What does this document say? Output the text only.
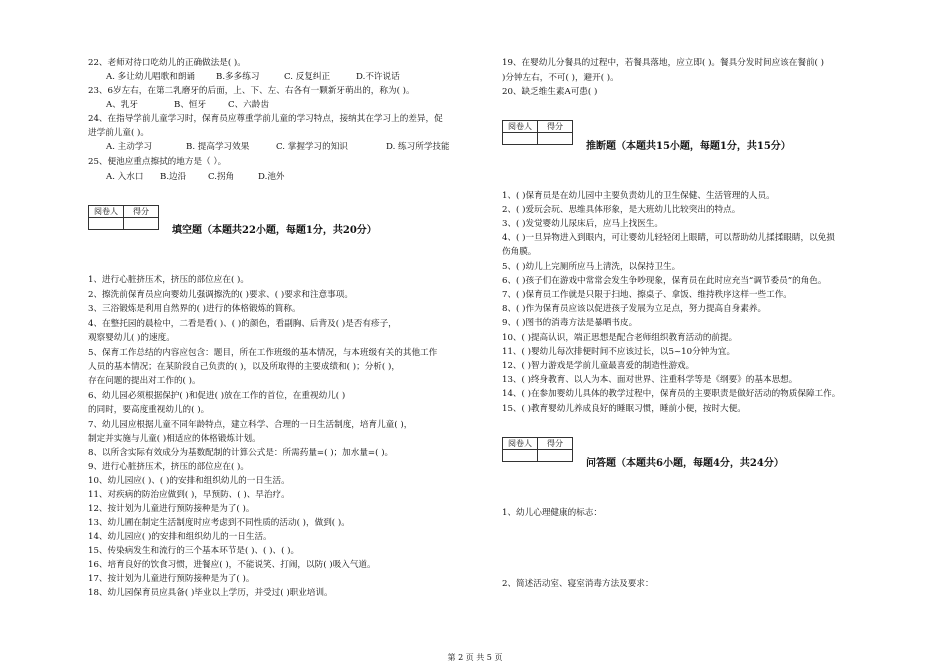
22、老师对待口吃幼儿的正确做法是( )。
A. 多让幼儿唱歌和朗诵 B.多多练习	C. 反复纠正	D.不许说话
23、6岁左右，在第二乳磨牙的后面，上、下、左、右各有一颗新牙萌出的，称为( )。
A、乳牙	B、恒牙	C、六龄齿
24、在指导学前儿童学习时，保育员应尊重学前儿童的学习特点，接纳其在学习上的差异，促
进学前儿童( )。
A. 主动学习	B. 提高学习效果	C. 掌握学习的知识	D. 练习所学技能
25、便池应重点擦拭的地方是（ ）。
A. 入水口 B.边沿	C.拐角	D.池外
阅卷人	得分

填空题（本题共22小题，每题1分，共20分）
1、进行心脏挤压术，挤压的部位应在( )。
2、擦洗前保育员应向婴幼儿强调擦洗的( )要求、( )要求和注意事项。
3、三浴锻炼是利用自然界的( )进行的体格锻炼的简称。
4、在整托园的晨检中，二看是看( )、( )的颜色，看副胸、后背及( )是否有疹子，
观察婴幼儿( )的速度。
5、保育工作总结的内容应包含：题目，所在工作班级的基本情况，与本班级有关的其他工作
人员的基本情况；在某阶段自己负责的( )，以及所取得的主要成绩和( )；分析( )，
存在问题的提出对工作的( )。
6、幼儿园必须根据保护( )和促进( )放在工作的首位，在重视幼儿( )
的同时，要高度重视幼儿的( )。
7、幼儿园应根据儿童不同年龄特点，建立科学、合理的一日生活制度，培育儿童( )，
制定并实施与儿童( )相适应的体格锻炼计划。
8、以所含实际有效成分为基数配制的计算公式是：所需药量=( )；加水量=( )。
9、进行心脏挤压术，挤压的部位应在( )。
10、幼儿园应( )、( )的安排和组织幼儿的一日生活。
11、对疾病的防治应做到( )，早预防、( )、早治疗。
12、按计划为儿童进行预防接种是为了( )。
13、幼儿圃在制定生活制度时应考虑到不同性质的活动( )，做到( )。
14、幼儿园应( )的安排和组织幼儿的一日生活。
15、传染病发生和流行的三个基本环节是( )、( )、( )。
16、培育良好的饮食习惯，进餐应( )，不能说笑、打闹，以防( )吸入气道。
17、按计划为儿童进行预防接种是为了( )。
18、幼儿园保育员应具备( )毕业以上学历，并受过( )职业培训。
19、在婴幼儿分餐具的过程中，若餐具落地，应立即( )。餐具分发时间应该在餐前( )
)分钟左右，不可( )，避开( )。
20、缺乏维生素A可患( )
阅卷人	得分

推断题（本题共15小题，每题1分，共15分）
1、( )保育员是在幼儿园中主要负责幼儿的卫生保健、生活管理的人员。
2、( )爱玩会玩、思维具体形象，是大班幼儿比较突出的特点。
3、( )发觉婴幼儿尿床后，应马上找医生。
4、( )一旦异物进入到眼内，可让婴幼儿轻轻闭上眼睛，可以帮助幼儿揉揉眼睛，以免损
伤角膜。
5、( )幼儿上完厕所应马上清洗，以保持卫生。
6、( )孩子们在游戏中常常会发生争吵现象，保育员在此时应充当“调节委员”的角色。
7、( )保育员工作就是只限于扫地、擦桌子、拿饭、维持秩序这样一些工作。
8、( )作为保育员应该以促进孩子发展为立足点，努力提高自身素养。
9、( )图书的消毒方法是暴晒书皮。
10、( )提高认识，端正思想是配合老师组织教育活动的前提。
11、( )婴幼儿每次排便时间不应该过长，以5~10分钟为宜。
12、( )智力游戏是学前儿童最喜爱的制造性游戏。
13、( )终身教育、以人为本、面对世界、注重科学等是《纲要》的基本思想。
14、( )在参加婴幼儿具体的教学过程中，保育员的主要职责是做好活动的物质保障工作。
15、( )教育婴幼儿养成良好的睡眠习惯，睡前小便，按时大便。
阅卷人	得分

问答题（本题共6小题，每题4分，共24分）
1、幼儿心理健康的标志：
2、简述活动室、寝室消毒方法及要求：
第 2 页 共 5 页
